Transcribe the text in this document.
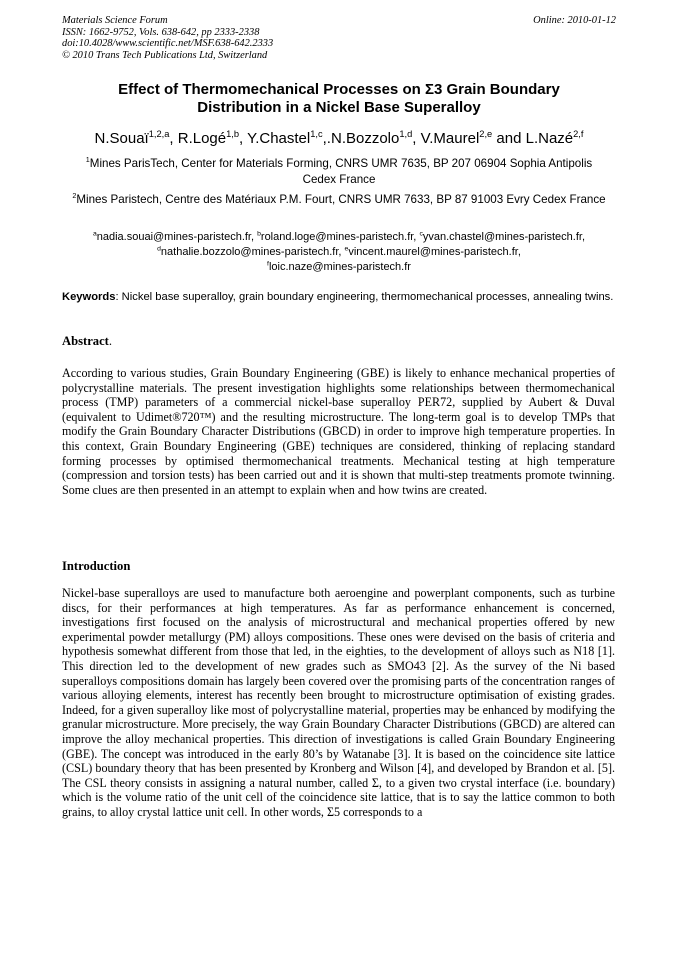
Materials Science Forum
ISSN: 1662-9752, Vols. 638-642, pp 2333-2338
doi:10.4028/www.scientific.net/MSF.638-642.2333
© 2010 Trans Tech Publications Ltd, Switzerland
Online: 2010-01-12
Effect of Thermomechanical Processes on Σ3 Grain Boundary Distribution in a Nickel Base Superalloy
N.Souaï$^{1,2,a}$, R.Logé$^{1,b}$, Y.Chastel$^{1,c}$,.N.Bozzolo$^{1,d}$, V.Maurel$^{2,e}$ and L.Nazé$^{2,f}$
$^1$Mines ParisTech, Center for Materials Forming, CNRS UMR 7635, BP 207 06904 Sophia Antipolis Cedex France
$^2$Mines Paristech, Centre des Matériaux P.M. Fourt, CNRS UMR 7633, BP 87 91003 Evry Cedex France
$^a$nadia.souai@mines-paristech.fr, $^b$roland.loge@mines-paristech.fr, $^c$yvan.chastel@mines-paristech.fr, $^d$nathalie.bozzolo@mines-paristech.fr, $^e$vincent.maurel@mines-paristech.fr,
$^f$loic.naze@mines-paristech.fr
Keywords: Nickel base superalloy, grain boundary engineering, thermomechanical processes, annealing twins.
Abstract.
According to various studies, Grain Boundary Engineering (GBE) is likely to enhance mechanical properties of polycrystalline materials. The present investigation highlights some relationships between thermomechanical process (TMP) parameters of a commercial nickel-base superalloy PER72, supplied by Aubert & Duval (equivalent to Udimet®720™) and the resulting microstructure. The long-term goal is to develop TMPs that modify the Grain Boundary Character Distributions (GBCD) in order to improve high temperature properties. In this context, Grain Boundary Engineering (GBE) techniques are considered, thinking of replacing standard forming processes by optimised thermomechanical treatments. Mechanical testing at high temperature (compression and torsion tests) has been carried out and it is shown that multi-step treatments promote twinning. Some clues are then presented in an attempt to explain when and how twins are created.
Introduction
Nickel-base superalloys are used to manufacture both aeroengine and powerplant components, such as turbine discs, for their performances at high temperatures. As far as performance enhancement is concerned, investigations first focused on the analysis of microstructural and mechanical properties offered by new experimental powder metallurgy (PM) alloys compositions. These ones were devised on the basis of criteria and hypothesis somewhat different from those that led, in the eighties, to the development of alloys such as N18 [1]. This direction led to the development of new grades such as SMO43 [2]. As the survey of the Ni based superalloys compositions domain has largely been covered over the promising parts of the concentration ranges of various alloying elements, interest has recently been brought to microstructure optimisation of existing grades. Indeed, for a given superalloy like most of polycrystalline material, properties may be enhanced by modifying the granular microstructure. More precisely, the way Grain Boundary Character Distributions (GBCD) are altered can improve the alloy mechanical properties. This direction of investigations is called Grain Boundary Engineering (GBE). The concept was introduced in the early 80’s by Watanabe [3]. It is based on the coincidence site lattice (CSL) boundary theory that has been presented by Kronberg and Wilson [4], and developed by Brandon et al. [5]. The CSL theory consists in assigning a natural number, called Σ, to a given two crystal interface (i.e. boundary) which is the volume ratio of the unit cell of the coincidence site lattice, that is to say the lattice common to both grains, to alloy crystal lattice unit cell. In other words, Σ5 corresponds to a
